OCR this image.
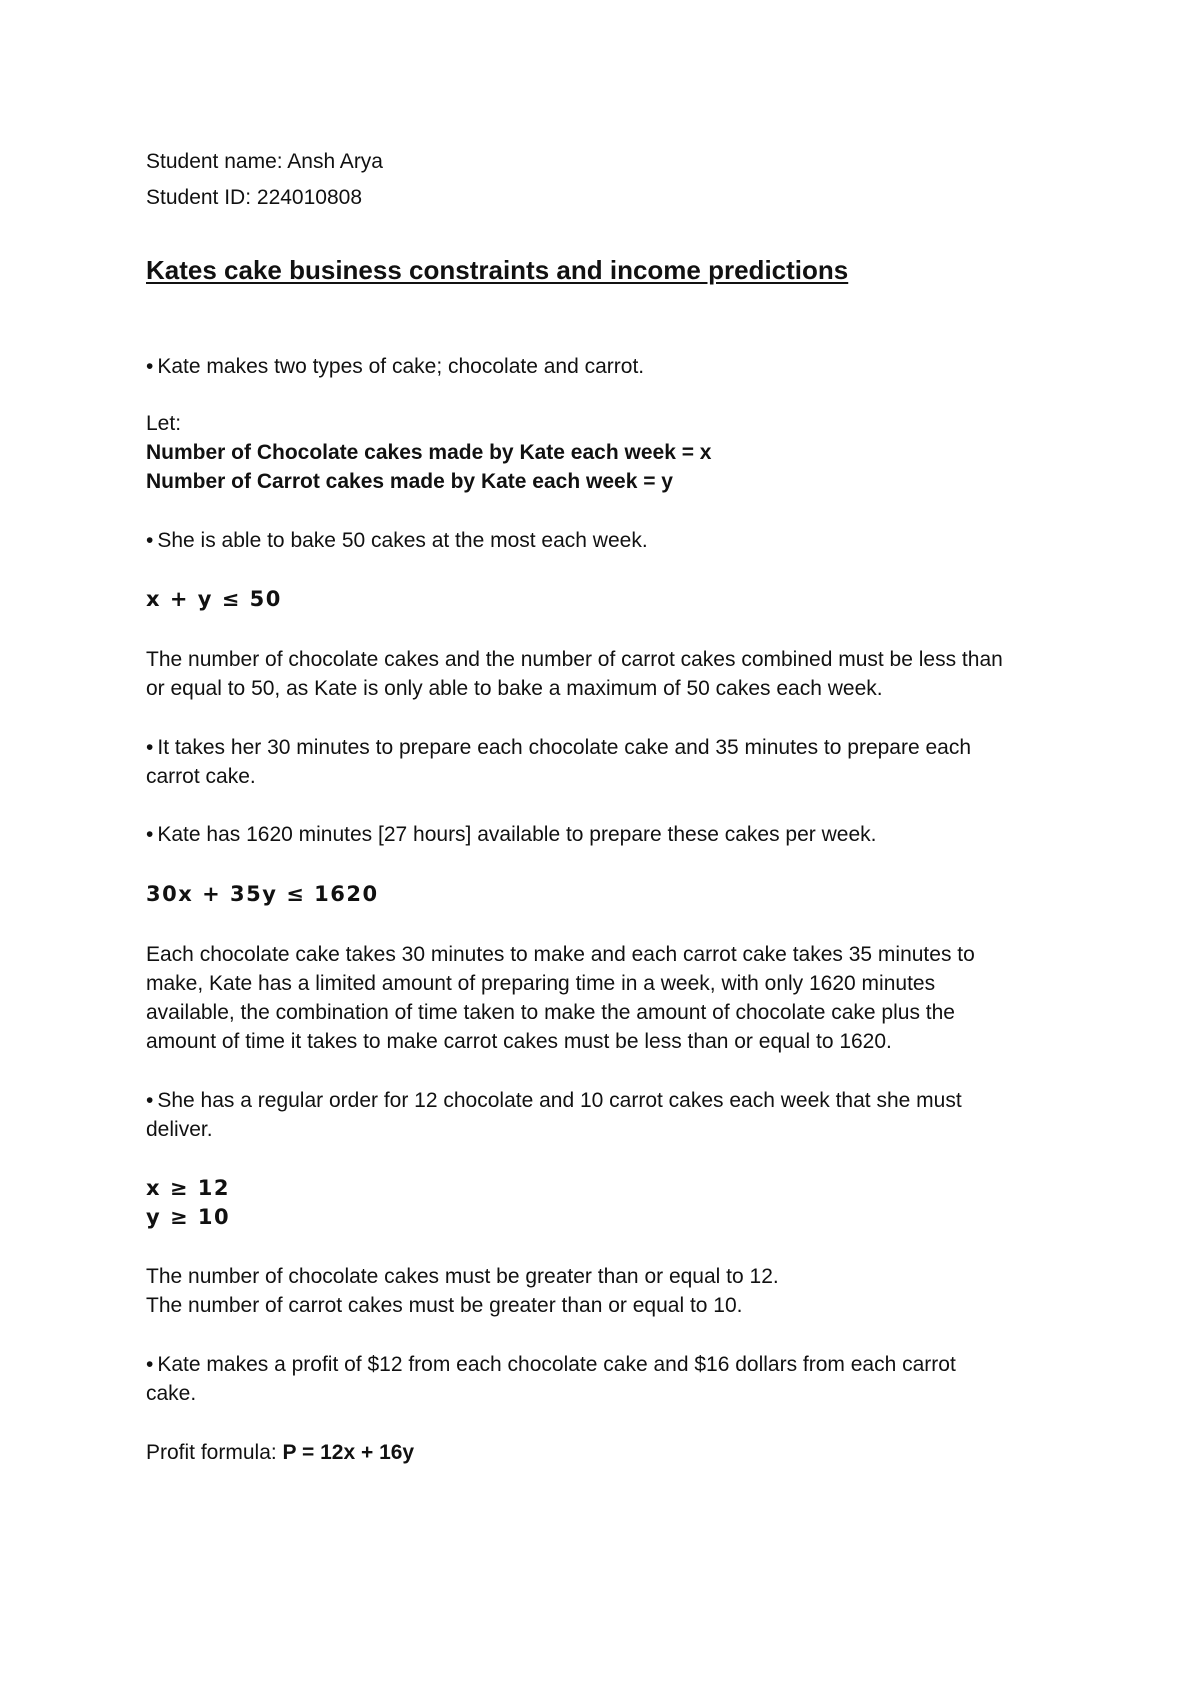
Student name: Ansh Arya
Student ID: 224010808
Kates cake business constraints and income predictions
• Kate makes two types of cake; chocolate and carrot.
Let:
Number of Chocolate cakes made by Kate each week = x
Number of Carrot cakes made by Kate each week = y
• She is able to bake 50 cakes at the most each week.
x + y ≤ 50
The number of chocolate cakes and the number of carrot cakes combined must be less than
or equal to 50, as Kate is only able to bake a maximum of 50 cakes each week.
• It takes her 30 minutes to prepare each chocolate cake and 35 minutes to prepare each
carrot cake.
• Kate has 1620 minutes [27 hours] available to prepare these cakes per week.
30x + 35y ≤ 1620
Each chocolate cake takes 30 minutes to make and each carrot cake takes 35 minutes to
make, Kate has a limited amount of preparing time in a week, with only 1620 minutes
available, the combination of time taken to make the amount of chocolate cake plus the
amount of time it takes to make carrot cakes must be less than or equal to 1620.
• She has a regular order for 12 chocolate and 10 carrot cakes each week that she must
deliver.
x ≥ 12
y ≥ 10
The number of chocolate cakes must be greater than or equal to 12.
The number of carrot cakes must be greater than or equal to 10.
• Kate makes a profit of $12 from each chocolate cake and $16 dollars from each carrot
cake.
Profit formula: P = 12x + 16y
